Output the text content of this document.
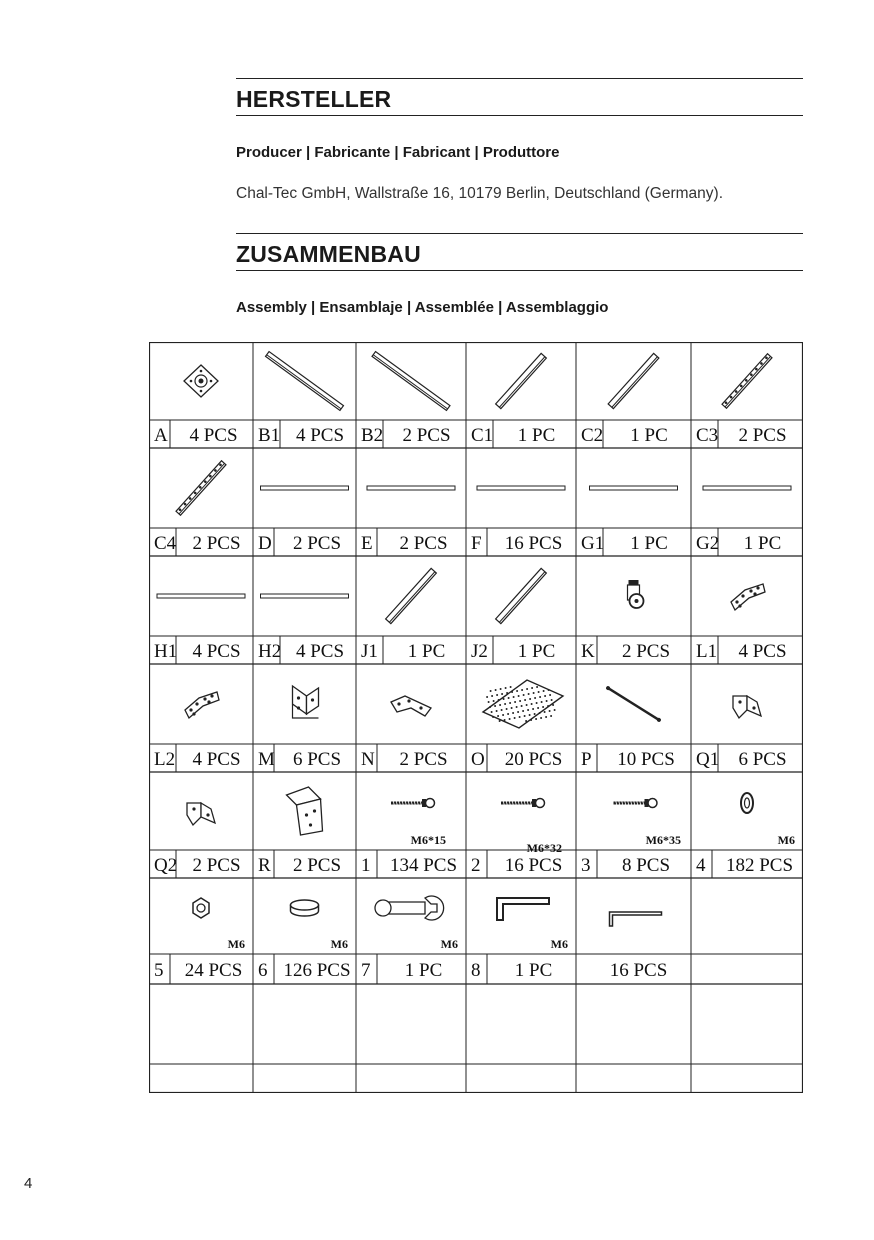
HERSTELLER
Producer | Fabricante | Fabricant | Produttore
Chal-Tec GmbH, Wallstraße 16, 10179 Berlin, Deutschland (Germany).
ZUSAMMENBAU
Assembly | Ensamblaje | Assemblée | Assemblaggio
A 4 PCS B1 4 PCS B2 2 PCS C1 1 PC C2 1 PC C3 2 PCS
C4 2 PCS D 2 PCS E 2 PCS F 16 PCS G1 1 PC G2 1 PC
H1 4 PCS H2 4 PCS J1 1 PC J2 1 PC K 2 PCS L1 4 PCS
L2 4 PCS M 6 PCS N 2 PCS O 20 PCS P 10 PCS Q1 6 PCS
Q2 2 PCS R 2 PCS
M6*15
1 134 PCS
M6*32
2 16 PCS
M6*35
3 8 PCS
M6
4 182 PCS
M6
5 24 PCS
M6
6 126 PCS
M6
7 1 PC
M6
8 1 PC	16 PCS
4
